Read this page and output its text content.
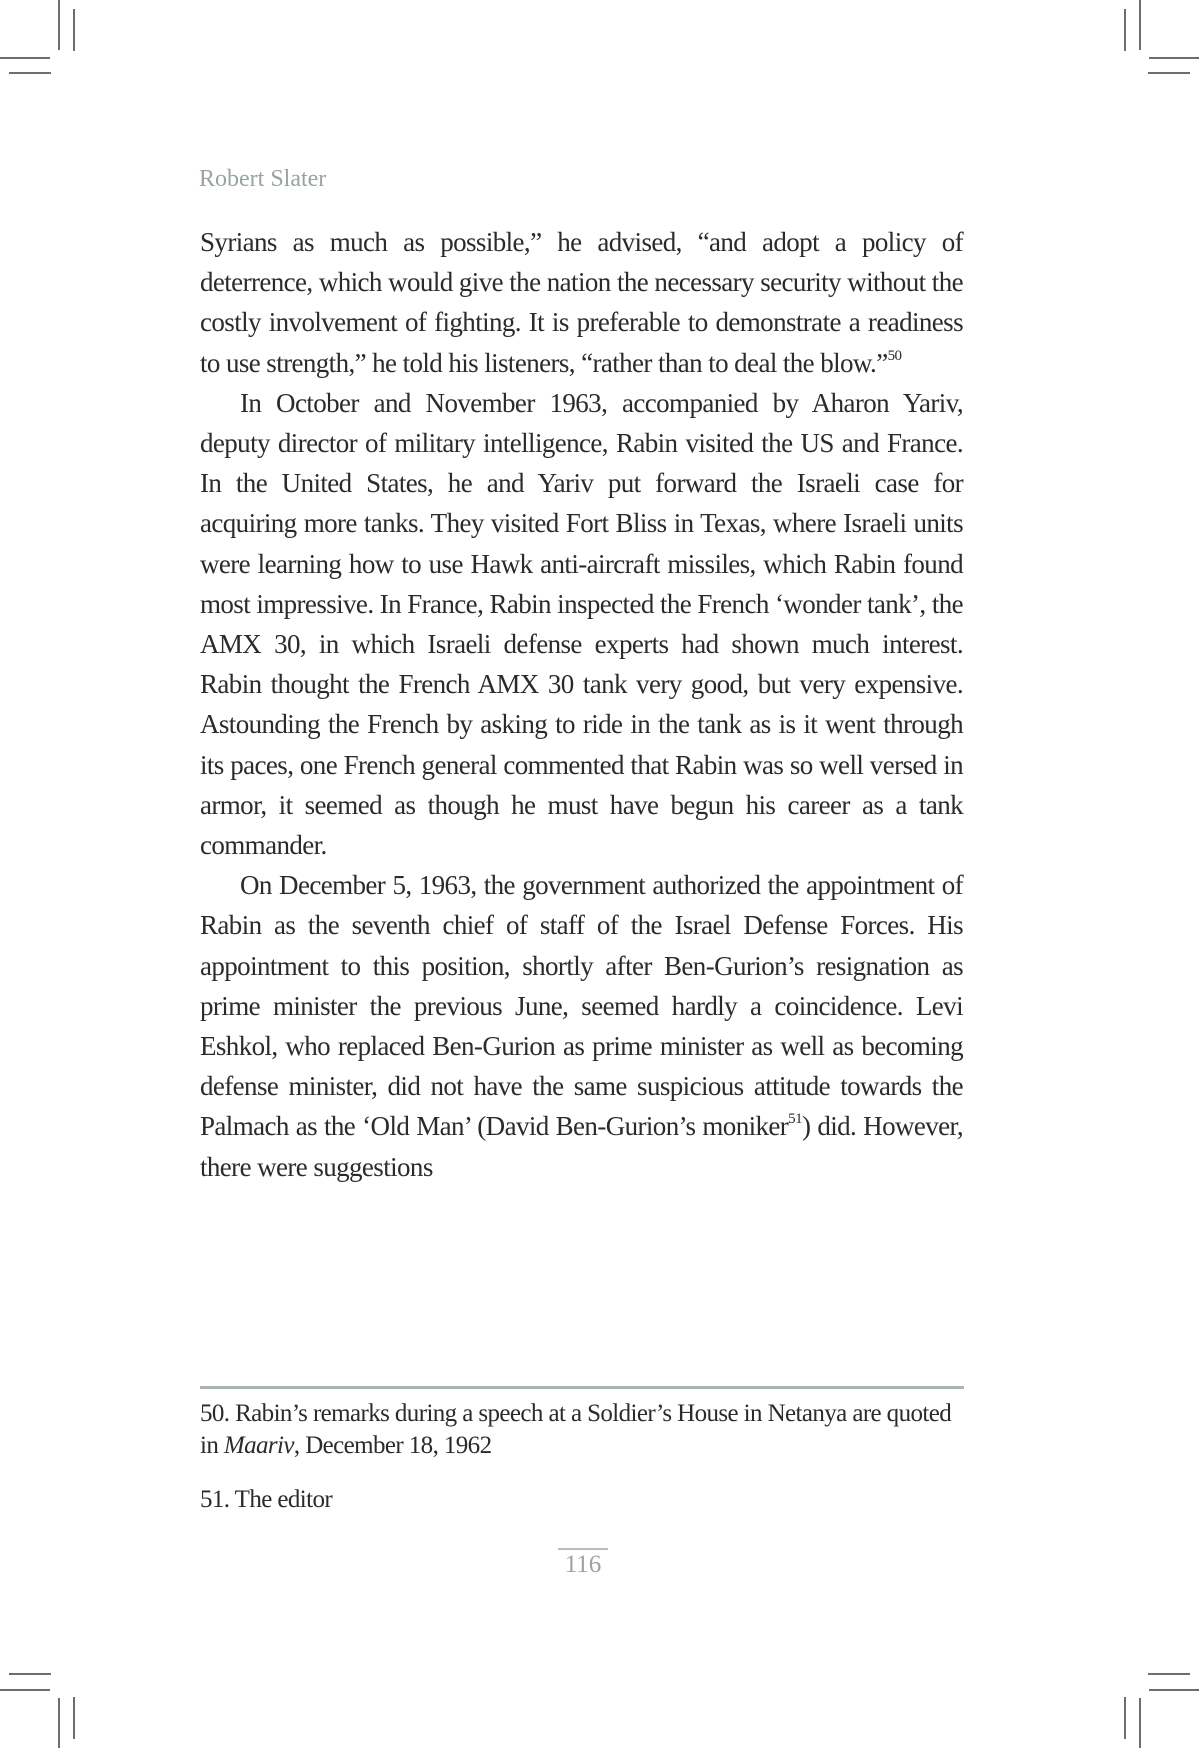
Robert Slater

Syrians as much as possible,” he advised, “and adopt a policy of deterrence, which would give the nation the necessary security without the costly involvement of fighting. It is preferable to demonstrate a readiness to use strength,” he told his listeners, “rather than to deal the blow.”$^{50}$

In October and November 1963, accompanied by Aharon Yariv, deputy director of military intelligence, Rabin visited the US and France. In the United States, he and Yariv put forward the Israeli case for acquiring more tanks. They visited Fort Bliss in Texas, where Israeli units were learning how to use Hawk anti-aircraft missiles, which Rabin found most impressive. In France, Rabin inspected the French ‘wonder tank’, the AMX 30, in which Israeli defense experts had shown much interest. Rabin thought the French AMX 30 tank very good, but very expensive. Astounding the French by asking to ride in the tank as is it went through its paces, one French general commented that Rabin was so well versed in armor, it seemed as though he must have begun his career as a tank commander.

On December 5, 1963, the government authorized the appointment of Rabin as the seventh chief of staff of the Israel Defense Forces. His appointment to this position, shortly after Ben-Gurion’s resignation as prime minister the previous June, seemed hardly a coincidence. Levi Eshkol, who replaced Ben-Gurion as prime minister as well as becoming defense minister, did not have the same suspicious attitude towards the Palmach as the ‘Old Man’ (David Ben-Gurion’s moniker$^{51}$) did. However, there were suggestions

50. Rabin’s remarks during a speech at a Soldier’s House in Netanya are quoted in Maariv, December 18, 1962

51. The editor

116
